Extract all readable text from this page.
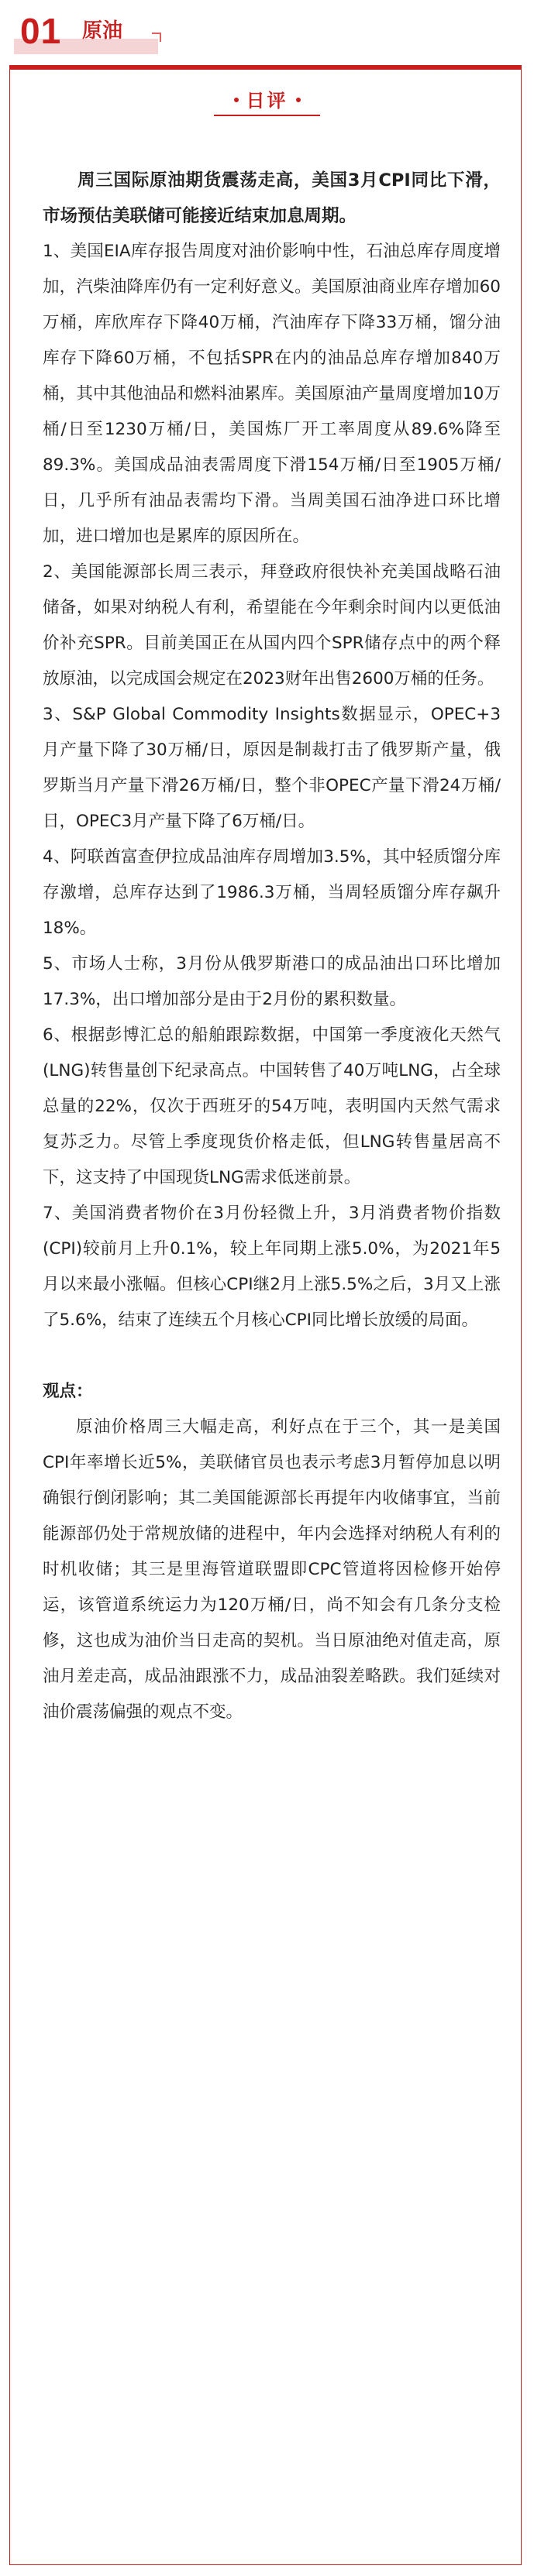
01 原油
日评

周三国际原油期货震荡走高，美国3月CPI同比下滑，市场预估美联储可能接近结束加息周期。

1、美国EIA库存报告周度对油价影响中性，石油总库存周度增加，汽柴油降库仍有一定利好意义。美国原油商业库存增加60万桶，库欣库存下降40万桶，汽油库存下降33万桶，馏分油库存下降60万桶，不包括SPR在内的油品总库存增加840万桶，其中其他油品和燃料油累库。美国原油产量周度增加10万桶/日至1230万桶/日，美国炼厂开工率周度从89.6%降至89.3%。美国成品油表需周度下滑154万桶/日至1905万桶/日，几乎所有油品表需均下滑。当周美国石油净进口环比增加，进口增加也是累库的原因所在。

2、美国能源部长周三表示，拜登政府很快补充美国战略石油储备，如果对纳税人有利，希望能在今年剩余时间内以更低油价补充SPR。目前美国正在从国内四个SPR储存点中的两个释放原油，以完成国会规定在2023财年出售2600万桶的任务。

3、S&P Global Commodity Insights数据显示，OPEC+3月产量下降了30万桶/日，原因是制裁打击了俄罗斯产量，俄罗斯当月产量下滑26万桶/日，整个非OPEC产量下滑24万桶/日，OPEC3月产量下降了6万桶/日。

4、阿联酋富查伊拉成品油库存周增加3.5%，其中轻质馏分库存激增，总库存达到了1986.3万桶，当周轻质馏分库存飙升18%。

5、市场人士称，3月份从俄罗斯港口的成品油出口环比增加17.3%，出口增加部分是由于2月份的累积数量。

6、根据彭博汇总的船舶跟踪数据，中国第一季度液化天然气(LNG)转售量创下纪录高点。中国转售了40万吨LNG，占全球总量的22%，仅次于西班牙的54万吨，表明国内天然气需求复苏乏力。尽管上季度现货价格走低，但LNG转售量居高不下，这支持了中国现货LNG需求低迷前景。

7、美国消费者物价在3月份轻微上升，3月消费者物价指数(CPI)较前月上升0.1%，较上年同期上涨5.0%，为2021年5月以来最小涨幅。但核心CPI继2月上涨5.5%之后，3月又上涨了5.6%，结束了连续五个月核心CPI同比增长放缓的局面。

观点：

原油价格周三大幅走高，利好点在于三个，其一是美国CPI年率增长近5%，美联储官员也表示考虑3月暂停加息以明确银行倒闭影响；其二美国能源部长再提年内收储事宜，当前能源部仍处于常规放储的进程中，年内会选择对纳税人有利的时机收储；其三是里海管道联盟即CPC管道将因检修开始停运，该管道系统运力为120万桶/日，尚不知会有几条分支检修，这也成为油价当日走高的契机。当日原油绝对值走高，原油月差走高，成品油跟涨不力，成品油裂差略跌。我们延续对油价震荡偏强的观点不变。
